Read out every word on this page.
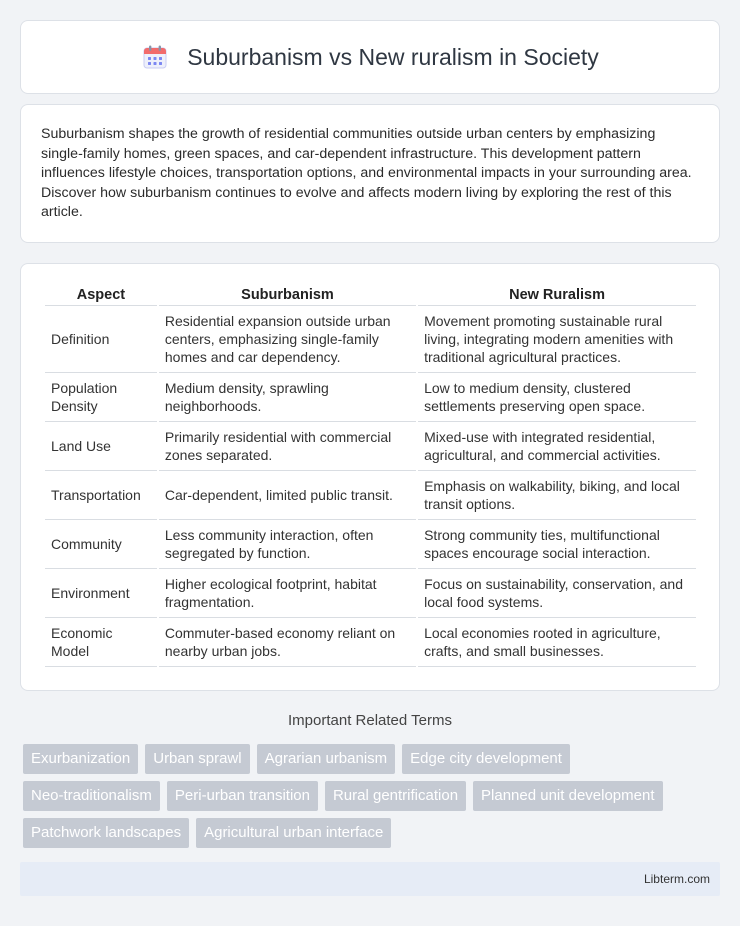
Suburbanism vs New ruralism in Society

Suburbanism shapes the growth of residential communities outside urban centers by emphasizing single-family homes, green spaces, and car-dependent infrastructure. This development pattern influences lifestyle choices, transportation options, and environmental impacts in your surrounding area. Discover how suburbanism continues to evolve and affects modern living by exploring the rest of this article.

Aspect	Suburbanism	New Ruralism
Definition	Residential expansion outside urban centers, emphasizing single-family homes and car dependency.	Movement promoting sustainable rural living, integrating modern amenities with traditional agricultural practices.
Population Density	Medium density, sprawling neighborhoods.	Low to medium density, clustered settlements preserving open space.
Land Use	Primarily residential with commercial zones separated.	Mixed-use with integrated residential, agricultural, and commercial activities.
Transportation	Car-dependent, limited public transit.	Emphasis on walkability, biking, and local transit options.
Community	Less community interaction, often segregated by function.	Strong community ties, multifunctional spaces encourage social interaction.
Environment	Higher ecological footprint, habitat fragmentation.	Focus on sustainability, conservation, and local food systems.
Economic Model	Commuter-based economy reliant on nearby urban jobs.	Local economies rooted in agriculture, crafts, and small businesses.
Important Related Terms
Exurbanization	Urban sprawl	Agrarian urbanism	Edge city development
Neo-traditionalism	Peri-urban transition	Rural gentrification	Planned unit development
Patchwork landscapes	Agricultural urban interface
Libterm.com
